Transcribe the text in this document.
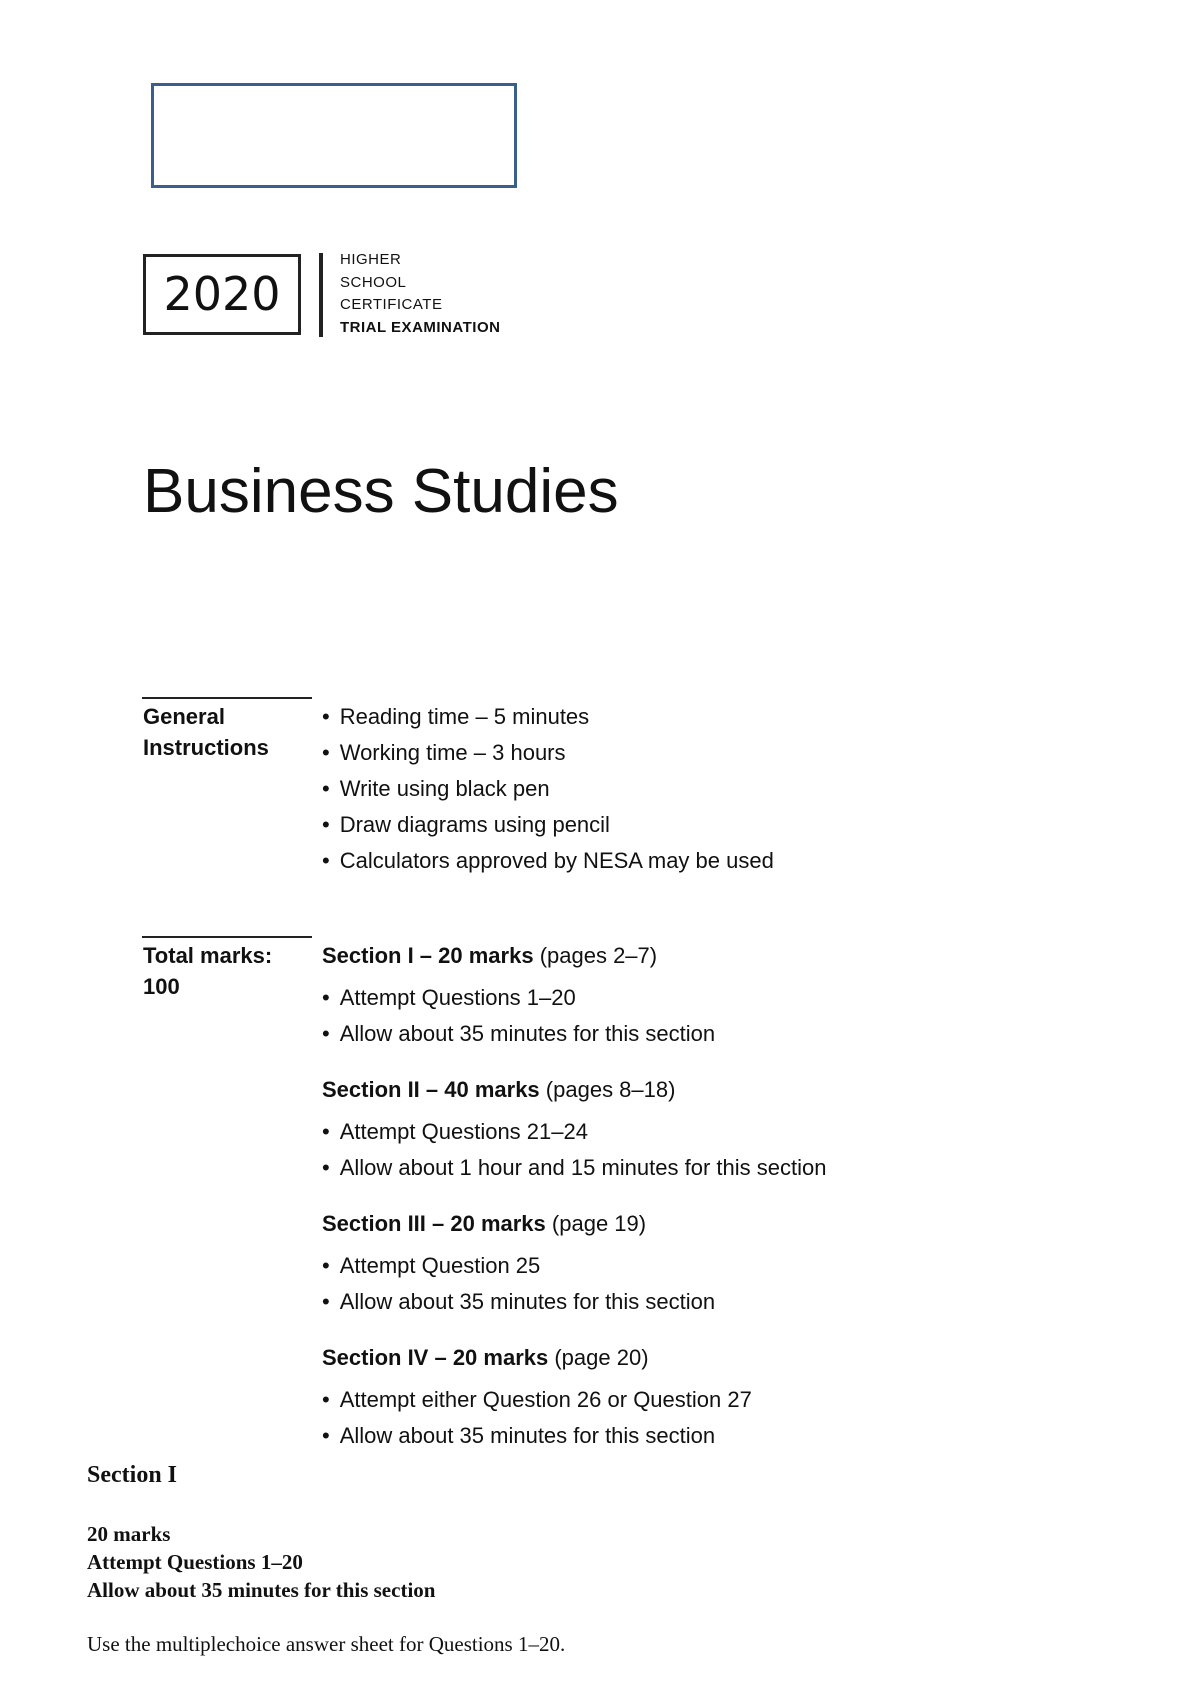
2020
HIGHER
SCHOOL
CERTIFICATE
TRIAL EXAMINATION
Business Studies
General
Instructions
• Reading time – 5 minutes
• Working time – 3 hours
• Write using black pen
• Draw diagrams using pencil
• Calculators approved by NESA may be used
Total marks:
100
Section I – 20 marks (pages 2–7)
• Attempt Questions 1–20
• Allow about 35 minutes for this section
Section II – 40 marks (pages 8–18)
• Attempt Questions 21–24
• Allow about 1 hour and 15 minutes for this section
Section III – 20 marks (page 19)
• Attempt Question 25
• Allow about 35 minutes for this section
Section IV – 20 marks (page 20)
• Attempt either Question 26 or Question 27
• Allow about 35 minutes for this section
Section I
20 marks
Attempt Questions 1–20
Allow about 35 minutes for this section
Use the multiplechoice answer sheet for Questions 1–20.
